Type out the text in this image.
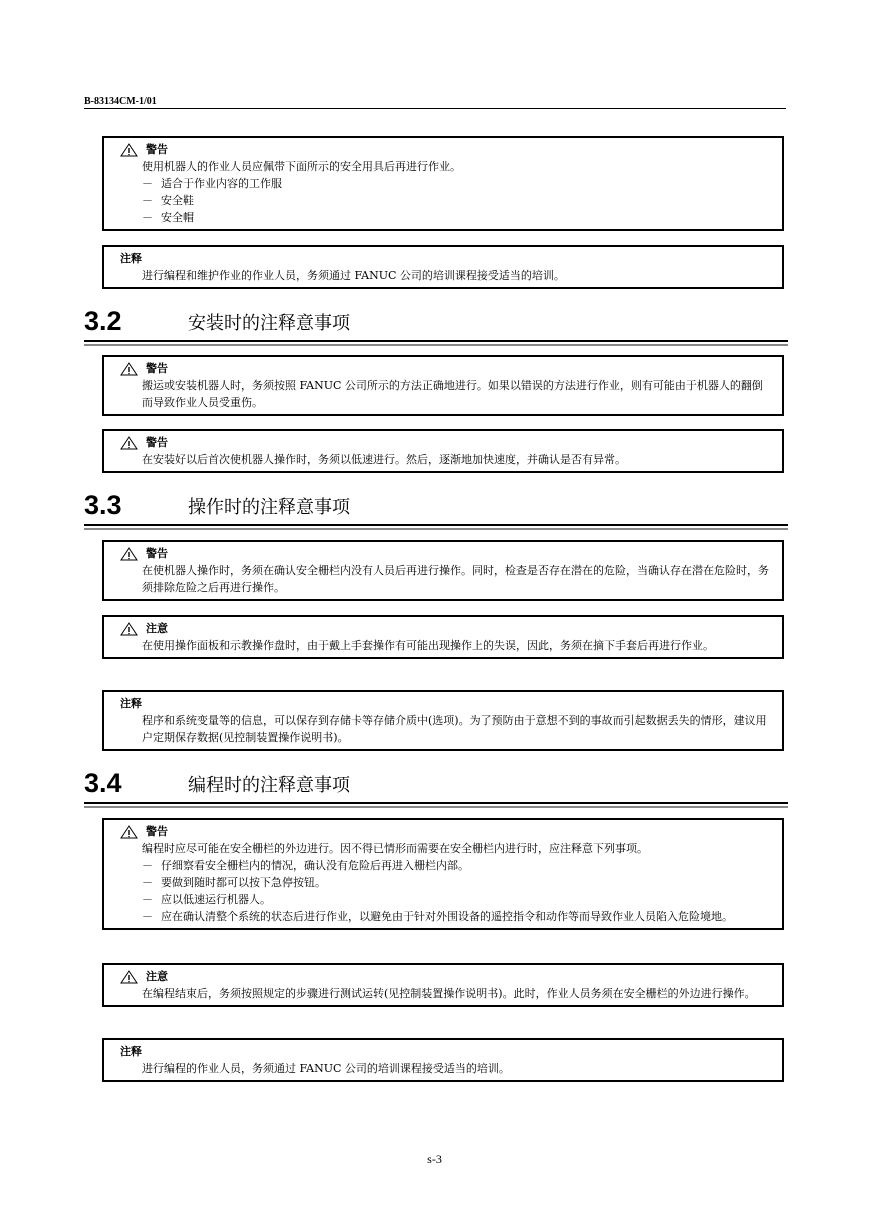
B-83134CM-1/01
警告
使用机器人的作业人员应佩带下面所示的安全用具后再进行作业。
－ 适合于作业内容的工作服
－ 安全鞋
－ 安全帽
注释
进行编程和维护作业的作业人员，务须通过 FANUC 公司的培训课程接受适当的培训。
3.2	安装时的注释意事项
警告
搬运或安装机器人时，务须按照 FANUC 公司所示的方法正确地进行。如果以错误的方法进行作业，则有可能由于机器人的翻倒而导致作业人员受重伤。
警告
在安装好以后首次使机器人操作时，务须以低速进行。然后，逐渐地加快速度，并确认是否有异常。
3.3	操作时的注释意事项
警告
在使机器人操作时，务须在确认安全栅栏内没有人员后再进行操作。同时，检查是否存在潜在的危险，当确认存在潜在危险时，务须排除危险之后再进行操作。
注意
在使用操作面板和示教操作盘时，由于戴上手套操作有可能出现操作上的失误，因此，务须在摘下手套后再进行作业。
注释
程序和系统变量等的信息，可以保存到存储卡等存储介质中(选项)。为了预防由于意想不到的事故而引起数据丢失的情形，建议用户定期保存数据(见控制装置操作说明书)。
3.4	编程时的注释意事项
警告
编程时应尽可能在安全栅栏的外边进行。因不得已情形而需要在安全栅栏内进行时，应注释意下列事项。
－ 仔细察看安全栅栏内的情况，确认没有危险后再进入栅栏内部。
－ 要做到随时都可以按下急停按钮。
－ 应以低速运行机器人。
－ 应在确认清整个系统的状态后进行作业，以避免由于针对外围设备的遥控指令和动作等而导致作业人员陷入危险境地。
注意
在编程结束后，务须按照规定的步骤进行测试运转(见控制装置操作说明书)。此时，作业人员务须在安全栅栏的外边进行操作。
注释
进行编程的作业人员，务须通过 FANUC 公司的培训课程接受适当的培训。
s-3
